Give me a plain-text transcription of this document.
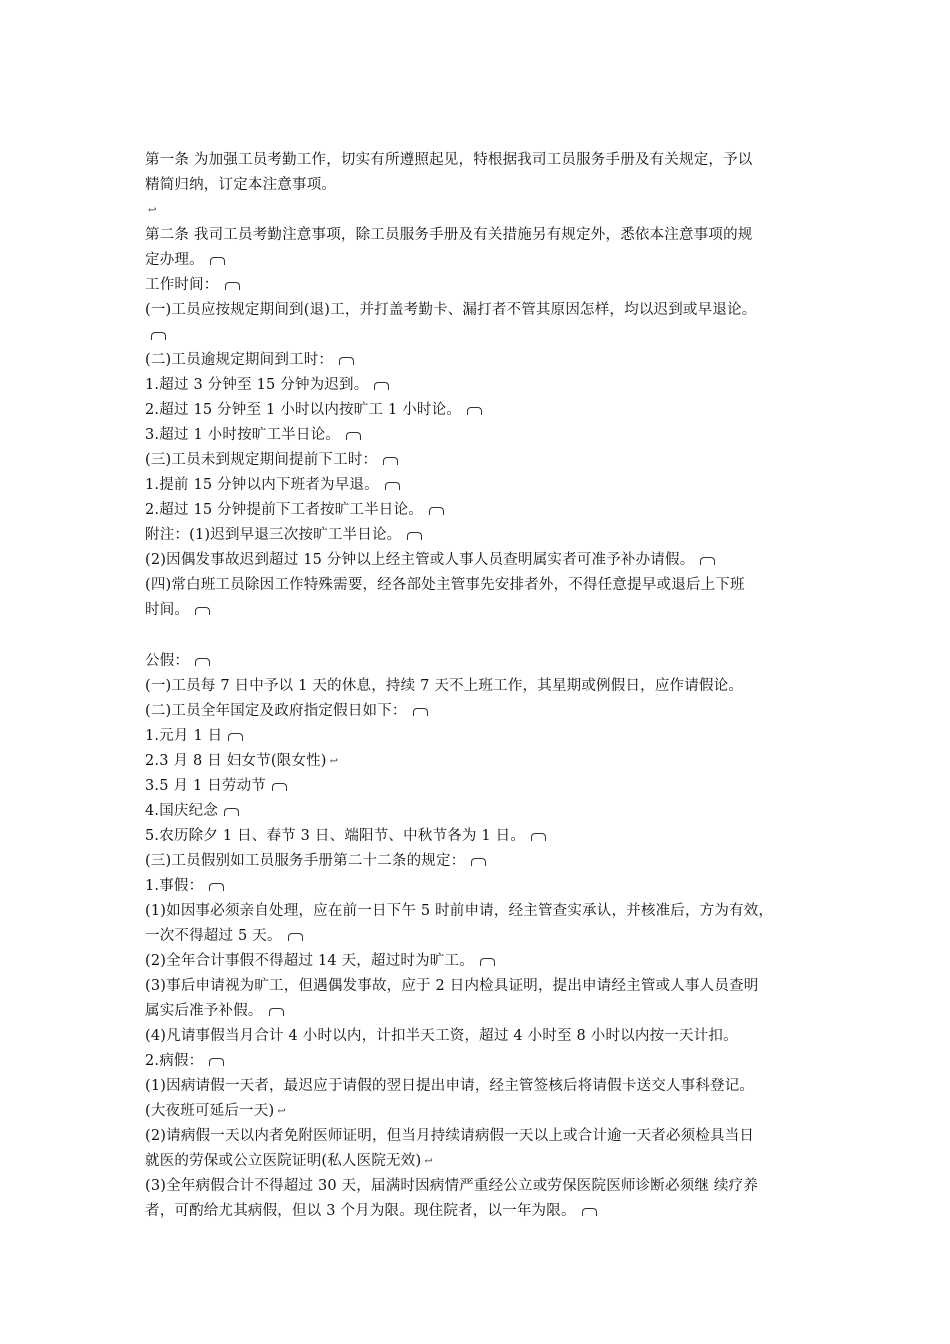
第一条 为加强工员考勤工作，切实有所遵照起见，特根据我司工员服务手册及有关规定，予以
精简归纳，订定本注意事项。
↩
第二条 我司工员考勤注意事项，除工员服务手册及有关措施另有规定外，悉依本注意事项的规
定办理。
工作时间：
(一)工员应按规定期间到(退)工，并打盖考勤卡、漏打者不管其原因怎样，均以迟到或早退论。
(二)工员逾规定期间到工时：
1.超过 3 分钟至 15 分钟为迟到。
2.超过 15 分钟至 1 小时以内按旷工 1 小时论。
3.超过 1 小时按旷工半日论。
(三)工员未到规定期间提前下工时：
1.提前 15 分钟以内下班者为早退。
2.超过 15 分钟提前下工者按旷工半日论。
附注：(1)迟到早退三次按旷工半日论。
(2)因偶发事故迟到超过 15 分钟以上经主管或人事人员查明属实者可准予补办请假。
(四)常白班工员除因工作特殊需要，经各部处主管事先安排者外，不得任意提早或退后上下班
时间。
公假：
(一)工员每 7 日中予以 1 天的休息，持续 7 天不上班工作，其星期或例假日，应作请假论。
(二)工员全年国定及政府指定假日如下：
1.元月 1 日
2.3 月 8 日 妇女节(限女性) ↩
3.5 月 1 日劳动节
4.国庆纪念
5.农历除夕 1 日、春节 3 日、端阳节、中秋节各为 1 日。
(三)工员假别如工员服务手册第二十二条的规定：
1.事假：
(1)如因事必须亲自处理，应在前一日下午 5 时前申请，经主管查实承认，并核准后，方为有效，
一次不得超过 5 天。
(2)全年合计事假不得超过 14 天，超过时为旷工。
(3)事后申请视为旷工，但遇偶发事故，应于 2 日内检具证明，提出申请经主管或人事人员查明
属实后准予补假。
(4)凡请事假当月合计 4 小时以内，计扣半天工资，超过 4 小时至 8 小时以内按一天计扣。
2.病假：
(1)因病请假一天者，最迟应于请假的翌日提出申请，经主管签核后将请假卡送交人事科登记。
(大夜班可延后一天) ↩
(2)请病假一天以内者免附医师证明，但当月持续请病假一天以上或合计逾一天者必须检具当日
就医的劳保或公立医院证明(私人医院无效) ↩
(3)全年病假合计不得超过 30 天，届满时因病情严重经公立或劳保医院医师诊断必须继 续疗养
者，可酌给尤其病假，但以 3 个月为限。现住院者，以一年为限。
